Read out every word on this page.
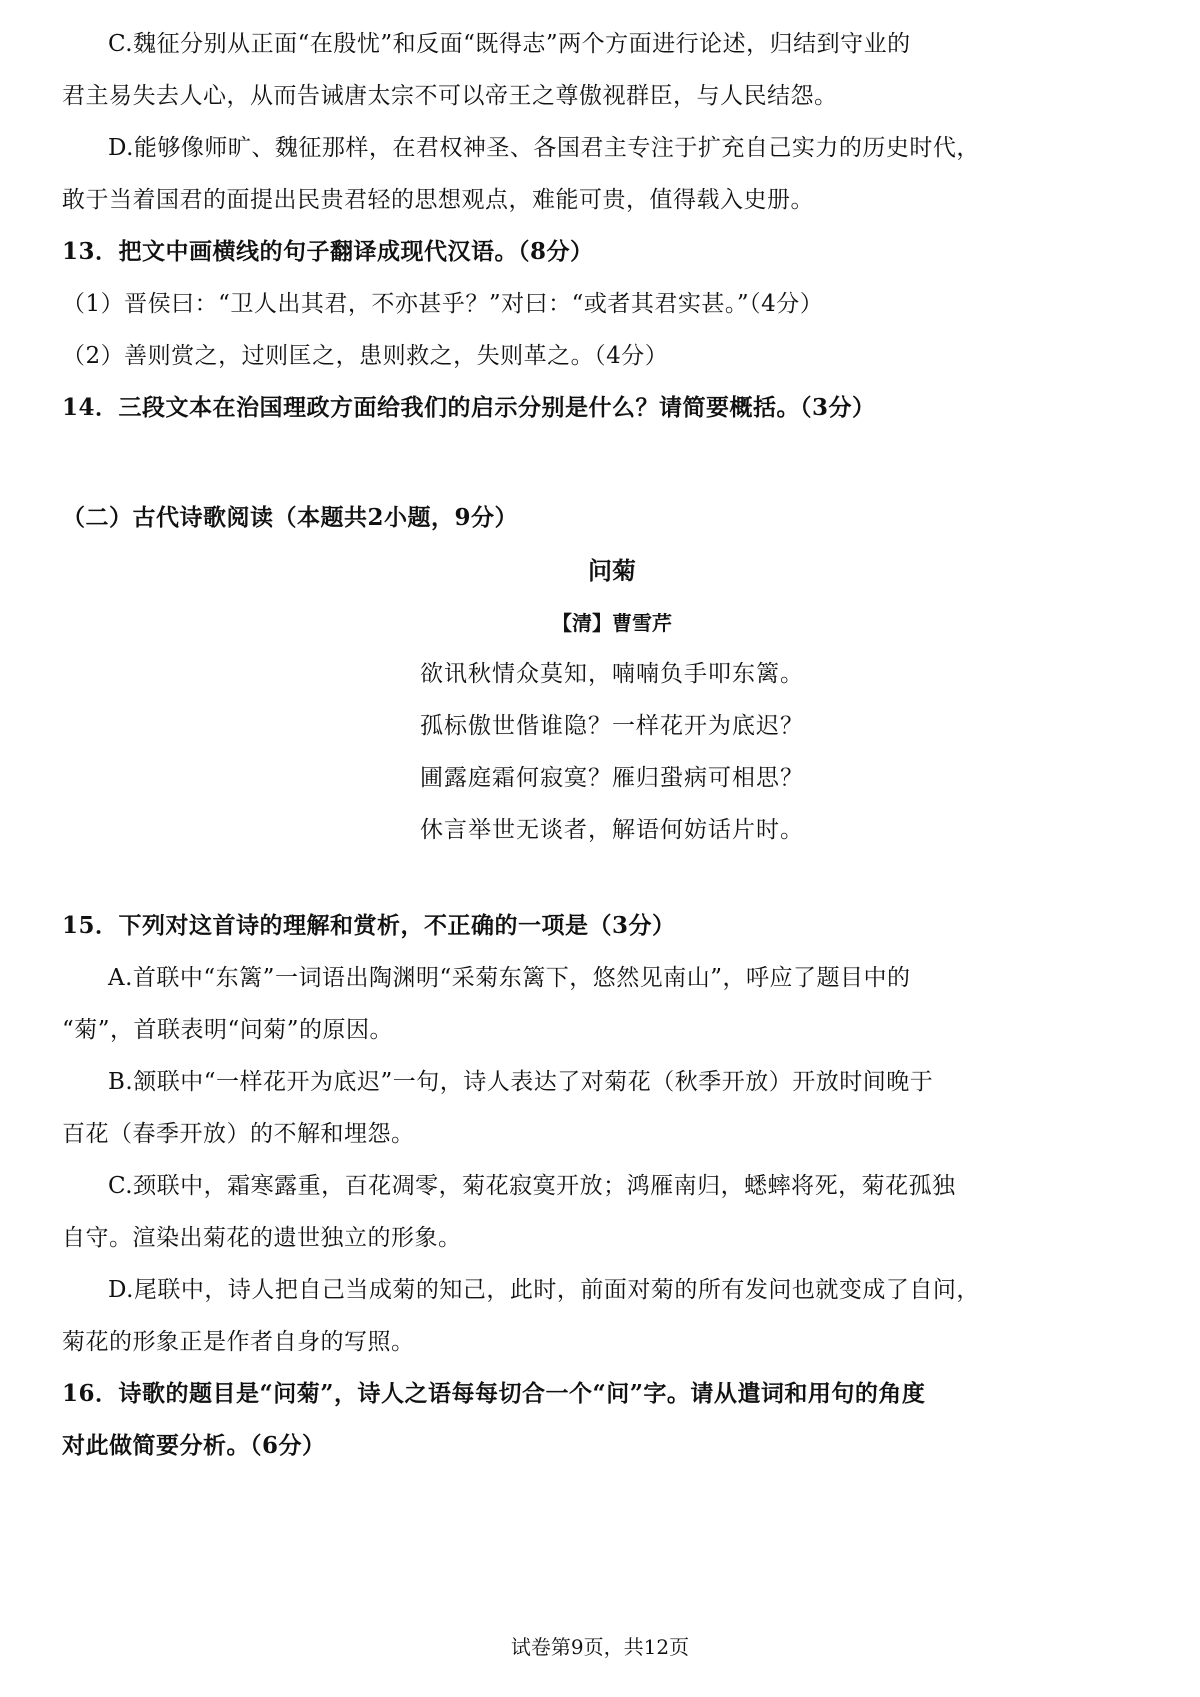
C.魏征分别从正面“在殷忧”和反面“既得志”两个方面进行论述，归结到守业的

君主易失去人心，从而告诫唐太宗不可以帝王之尊傲视群臣，与人民结怨。

D.能够像师旷、魏征那样，在君权神圣、各国君主专注于扩充自己实力的历史时代，

敢于当着国君的面提出民贵君轻的思想观点，难能可贵，值得载入史册。

13．把文中画横线的句子翻译成现代汉语。（8分）

（1）晋侯曰：“卫人出其君，不亦甚乎？”对曰：“或者其君实甚。”（4分）

（2）善则赏之，过则匡之，患则救之，失则革之。（4分）

14．三段文本在治国理政方面给我们的启示分别是什么？请简要概括。（3分）

（二）古代诗歌阅读（本题共2小题，9分）

问菊

【清】曹雪芹

欲讯秋情众莫知，喃喃负手叩东篱。

孤标傲世偕谁隐？一样花开为底迟？

圃露庭霜何寂寞？雁归蛩病可相思？

休言举世无谈者，解语何妨话片时。

15．下列对这首诗的理解和赏析，不正确的一项是（3分）

A.首联中“东篱”一词语出陶渊明“采菊东篱下，悠然见南山”，呼应了题目中的

“菊”，首联表明“问菊”的原因。

B.颔联中“一样花开为底迟”一句，诗人表达了对菊花（秋季开放）开放时间晚于

百花（春季开放）的不解和埋怨。

C.颈联中，霜寒露重，百花凋零，菊花寂寞开放；鸿雁南归，蟋蟀将死，菊花孤独

自守。渲染出菊花的遗世独立的形象。

D.尾联中，诗人把自己当成菊的知己，此时，前面对菊的所有发问也就变成了自问，

菊花的形象正是作者自身的写照。

16．诗歌的题目是“问菊”，诗人之语每每切合一个“问”字。请从遣词和用句的角度

对此做简要分析。（6分）

试卷第9页，共12页
